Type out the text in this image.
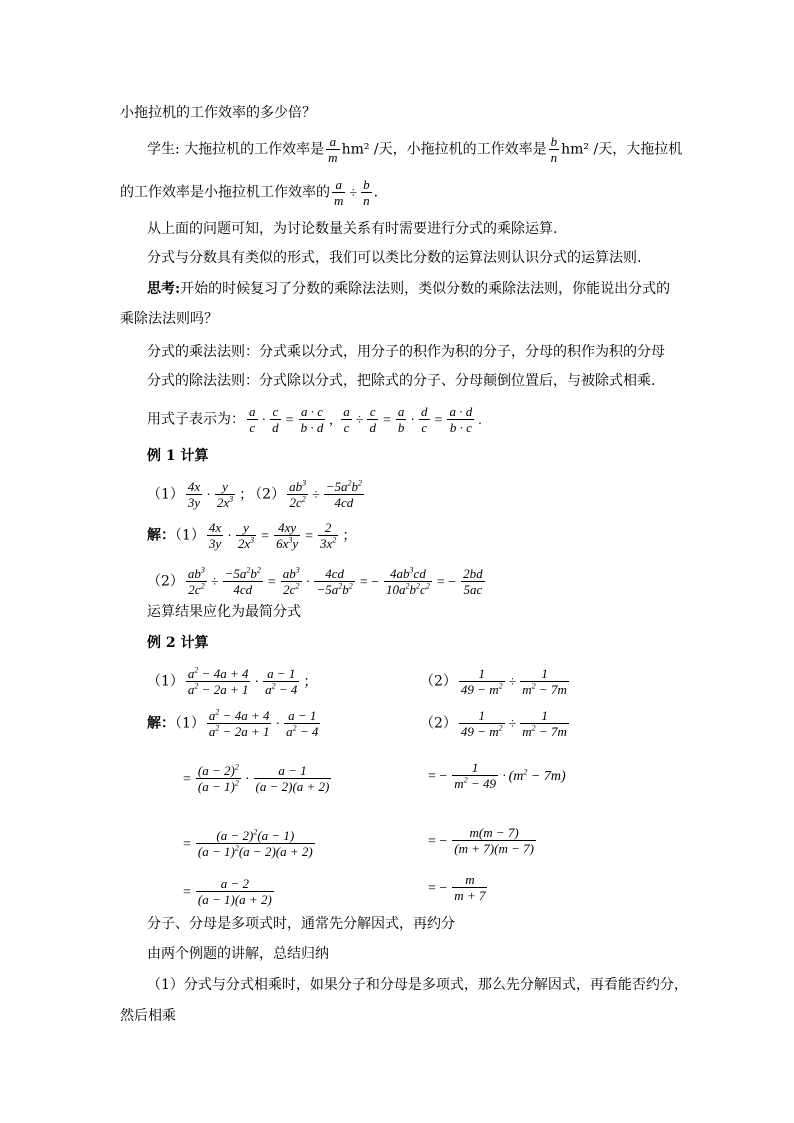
小拖拉机的工作效率的多少倍？
学生: 大拖拉机的工作效率是 $\frac{a}{m} hm^2$ /天，小拖拉机的工作效率是 $\frac{b}{n} hm^2$ /天，大拖拉机
的工作效率是小拖拉机工作效率的 $\frac{a}{m} \div \frac{b}{n}$ .
从上面的问题可知，为讨论数量关系有时需要进行分式的乘除运算.
分式与分数具有类似的形式，我们可以类比分数的运算法则认识分式的运算法则.
思考:开始的时候复习了分数的乘除法法则，类似分数的乘除法法则，你能说出分式的
乘除法法则吗？
分式的乘法法则：分式乘以分式，用分子的积作为积的分子，分母的积作为积的分母
分式的除法法则：分式除以分式，把除式的分子、分母颠倒位置后，与被除式相乘.
用式子表示为： $\frac{a}{c} \cdot \frac{c}{d} = \frac{a \cdot c}{b \cdot d}$ , $\frac{a}{c} \div \frac{c}{d} = \frac{a}{b} \cdot \frac{d}{c} = \frac{a \cdot d}{b \cdot c}$ .
例 1 计算
$(1) \frac{4x}{3y} \cdot \frac{y}{2x^3}$ ； $(2) \frac{ab^3}{2c^2} \div \frac{-5a^2b^2}{4cd}$
解：$(1) \frac{4x}{3y} \cdot \frac{y}{2x^3} = \frac{4xy}{6x^3y} = \frac{2}{3x^2}$ ；
$(2) \frac{ab^3}{2c^2} \div \frac{-5a^2b^2}{4cd} = \frac{ab^3}{2c^2} \cdot \frac{4cd}{-5a^2b^2}$ = − $\frac{4ab^3cd}{10a^2b^2c^2}$ = − $\frac{2bd}{5ac}$
运算结果应化为最简分式
例 2 计算
$(1) \frac{a^2 - 4a + 4}{a^2 - 2a + 1} \cdot \frac{a - 1}{a^2 - 4}$ ；	$(2) \frac{1}{49 - m^2} \div \frac{1}{m^2 - 7m}$
解：$(1) \frac{a^2 - 4a + 4}{a^2 - 2a + 1} \cdot \frac{a - 1}{a^2 - 4}$	$(2) \frac{1}{49 - m^2} \div \frac{1}{m^2 - 7m}$
= $\frac{(a - 2)^2}{(a - 1)^2} \cdot \frac{a - 1}{(a - 2)(a + 2)}$	= − $\frac{1}{m^2 - 49} \cdot (m^2 - 7m)$
= $\frac{(a - 2)^2(a - 1)}{(a - 1)^2(a - 2)(a + 2)}$	= − $\frac{m(m - 7)}{(m + 7)(m - 7)}$
= $\frac{a - 2}{(a - 1)(a + 2)}$	= − $\frac{m}{m + 7}$
分子、分母是多项式时，通常先分解因式，再约分
由两个例题的讲解，总结归纳
（1）分式与分式相乘时，如果分子和分母是多项式，那么先分解因式，再看能否约分，
然后相乘
